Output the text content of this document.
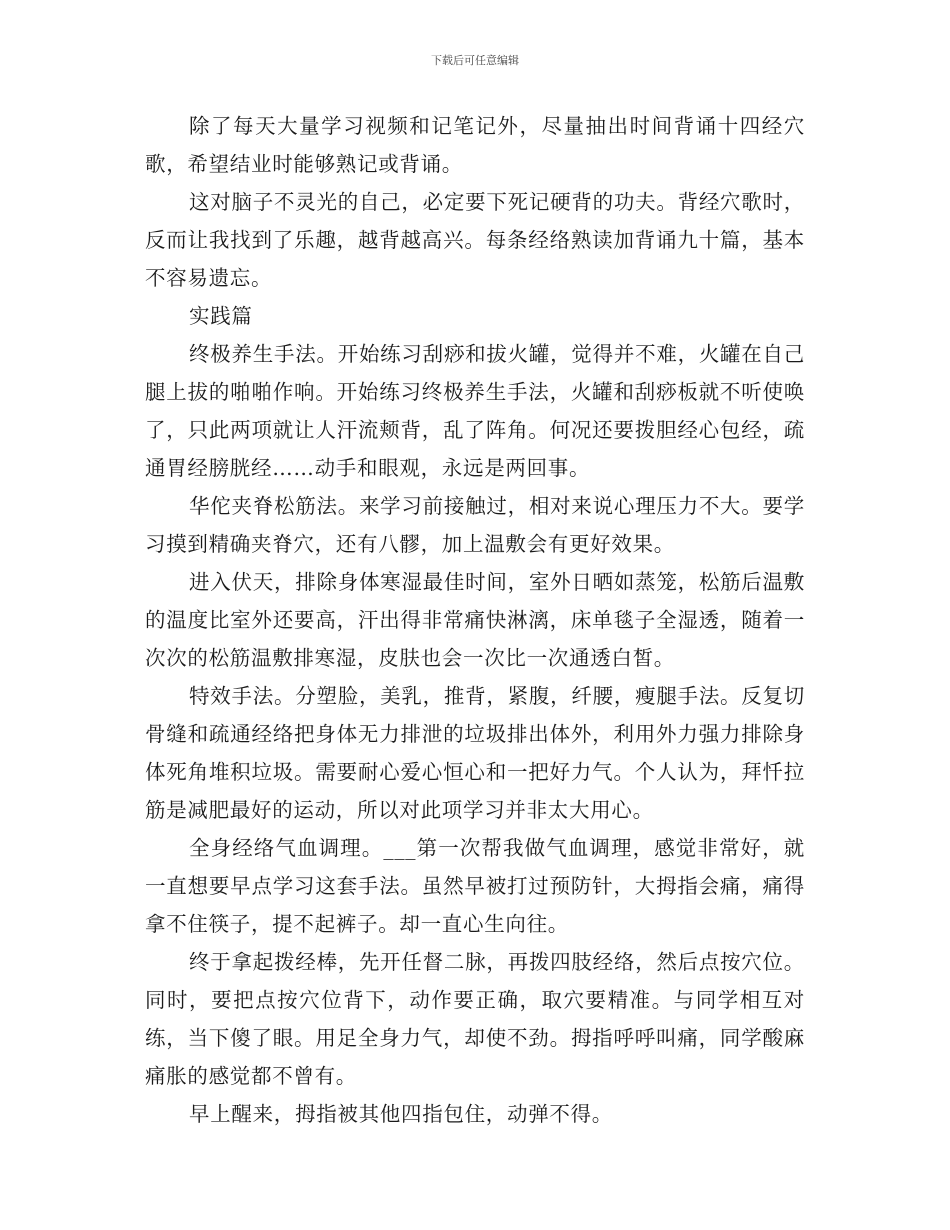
下载后可任意编辑

除了每天大量学习视频和记笔记外，尽量抽出时间背诵十四经穴歌，希望结业时能够熟记或背诵。

这对脑子不灵光的自己，必定要下死记硬背的功夫。背经穴歌时，反而让我找到了乐趣，越背越高兴。每条经络熟读加背诵九十篇，基本不容易遗忘。

实践篇

终极养生手法。开始练习刮痧和拔火罐，觉得并不难，火罐在自己腿上拔的啪啪作响。开始练习终极养生手法，火罐和刮痧板就不听使唤了，只此两项就让人汗流颊背，乱了阵角。何况还要拨胆经心包经，疏通胃经膀胱经……动手和眼观，永远是两回事。

华佗夹脊松筋法。来学习前接触过，相对来说心理压力不大。要学习摸到精确夹脊穴，还有八髎，加上温敷会有更好效果。

进入伏天，排除身体寒湿最佳时间，室外日晒如蒸笼，松筋后温敷的温度比室外还要高，汗出得非常痛快淋漓，床单毯子全湿透，随着一次次的松筋温敷排寒湿，皮肤也会一次比一次通透白皙。

特效手法。分塑脸，美乳，推背，紧腹，纤腰，瘦腿手法。反复切骨缝和疏通经络把身体无力排泄的垃圾排出体外，利用外力强力排除身体死角堆积垃圾。需要耐心爱心恒心和一把好力气。个人认为，拜忏拉筋是减肥最好的运动，所以对此项学习并非太大用心。

全身经络气血调理。___第一次帮我做气血调理，感觉非常好，就一直想要早点学习这套手法。虽然早被打过预防针，大拇指会痛，痛得拿不住筷子，提不起裤子。却一直心生向往。

终于拿起拨经棒，先开任督二脉，再拨四肢经络，然后点按穴位。同时，要把点按穴位背下，动作要正确，取穴要精准。与同学相互对练，当下傻了眼。用足全身力气，却使不劲。拇指呼呼叫痛，同学酸麻痛胀的感觉都不曾有。

早上醒来，拇指被其他四指包住，动弹不得。
